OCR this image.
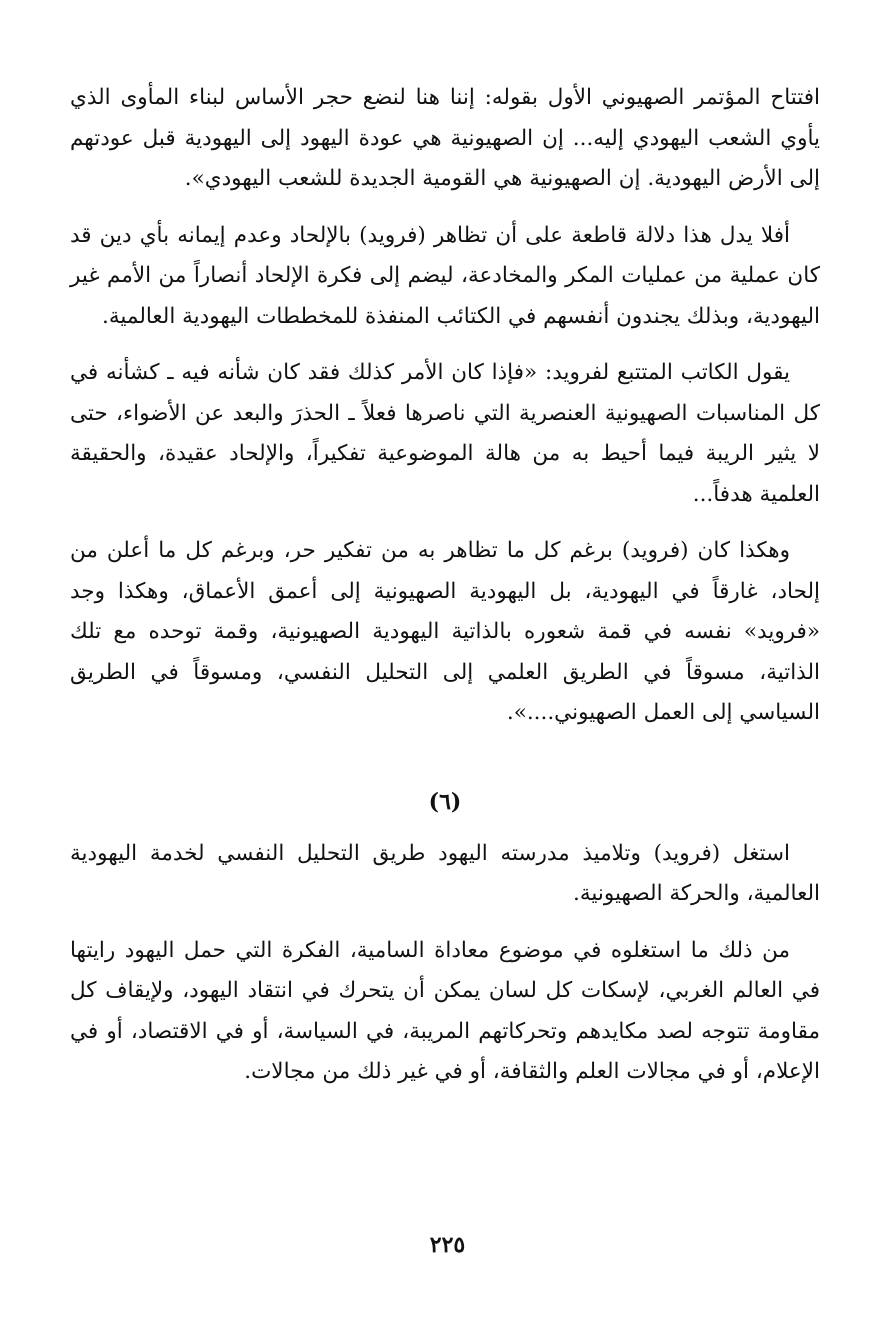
افتتاح المؤتمر الصهيوني الأول بقوله: إننا هنا لنضع حجر الأساس لبناء المأوى الذي يأوي الشعب اليهودي إليه... إن الصهيونية هي عودة اليهود إلى اليهودية قبل عودتهم إلى الأرض اليهودية. إن الصهيونية هي القومية الجديدة للشعب اليهودي».

أفلا يدل هذا دلالة قاطعة على أن تظاهر (فرويد) بالإلحاد وعدم إيمانه بأي دين قد كان عملية من عمليات المكر والمخادعة، ليضم إلى فكرة الإلحاد أنصاراً من الأمم غير اليهودية، وبذلك يجندون أنفسهم في الكتائب المنفذة للمخططات اليهودية العالمية.

يقول الكاتب المتتبع لفرويد: «فإذا كان الأمر كذلك فقد كان شأنه فيه ـ كشأنه في كل المناسبات الصهيونية العنصرية التي ناصرها فعلاً ـ الحذرَ والبعد عن الأضواء، حتى لا يثير الريبة فيما أحيط به من هالة الموضوعية تفكيراً، والإلحاد عقيدة، والحقيقة العلمية هدفاً...

وهكذا كان (فرويد) برغم كل ما تظاهر به من تفكير حر، وبرغم كل ما أعلن من إلحاد، غارقاً في اليهودية، بل اليهودية الصهيونية إلى أعمق الأعماق، وهكذا وجد «فرويد» نفسه في قمة شعوره بالذاتية اليهودية الصهيونية، وقمة توحده مع تلك الذاتية، مسوقاً في الطريق العلمي إلى التحليل النفسي، ومسوقاً في الطريق السياسي إلى العمل الصهيوني....».

(٦)

استغل (فرويد) وتلاميذ مدرسته اليهود طريق التحليل النفسي لخدمة اليهودية العالمية، والحركة الصهيونية.

من ذلك ما استغلوه في موضوع معاداة السامية، الفكرة التي حمل اليهود رايتها في العالم الغربي، لإسكات كل لسان يمكن أن يتحرك في انتقاد اليهود، ولإيقاف كل مقاومة تتوجه لصد مكايدهم وتحركاتهم المريبة، في السياسة، أو في الاقتصاد، أو في الإعلام، أو في مجالات العلم والثقافة، أو في غير ذلك من مجالات.

٢٢٥
